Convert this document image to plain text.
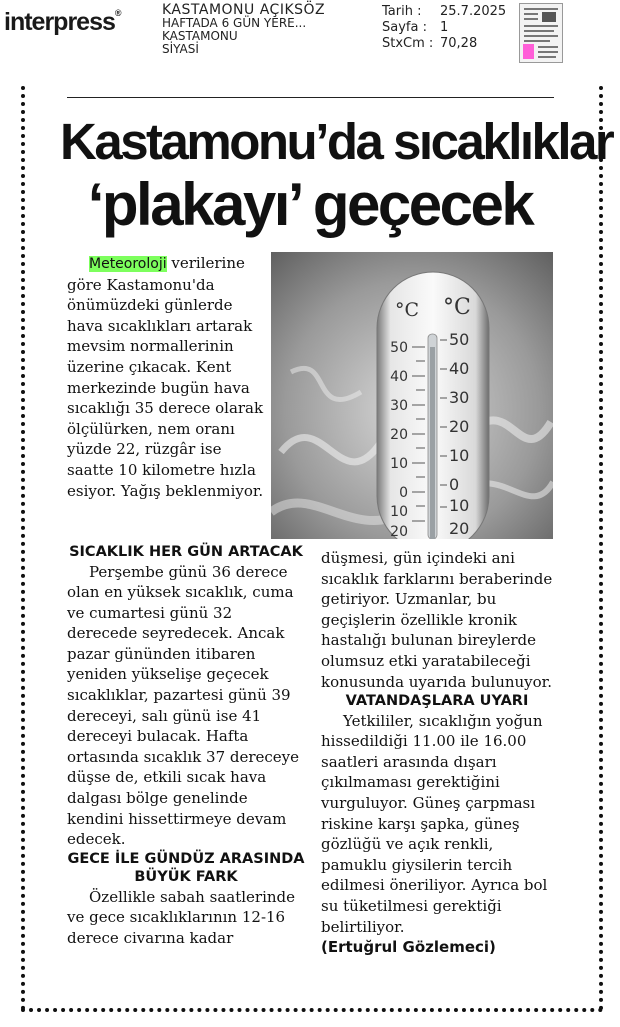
interpress®	KASTAMONU AÇIKSÖZ
HAFTADA 6 GÜN YERE...
KASTAMONU
SİYASİ
Tarih :	25.7.2025
Sayfa :	1
StxCm : 70,28
Kastamonu’da sıcaklıklar
‘plakayı’ geçecek
°C °C
50
40
30
20
10
0
10
20
50
40
30
20
10
0
10
20

Meteoroloji verilerine göre Kastamonu'da önümüzdeki günlerde hava sıcaklıkları artarak mevsim normallerinin üzerine çıkacak. Kent merkezinde bugün hava sıcaklığı 35 derece olarak ölçülürken, nem oranı yüzde 22, rüzgâr ise saatte 10 kilometre hızla esiyor. Yağış beklenmiyor.

SICAKLIK HER GÜN ARTACAK

Perşembe günü 36 derece olan en yüksek sıcaklık, cuma ve cumartesi günü 32 derecede seyredecek. Ancak pazar gününden itibaren yeniden yükselişe geçecek sıcaklıklar, pazartesi günü 39 dereceyi, salı günü ise 41 dereceyi bulacak. Hafta ortasında sıcaklık 37 dereceye düşse de, etkili sıcak hava dalgası bölge genelinde kendini hissettirmeye devam edecek.

GECE İLE GÜNDÜZ ARASINDA BÜYÜK FARK

Özellikle sabah saatlerinde ve gece sıcaklıklarının 12-16 derece civarına kadar

düşmesi, gün içindeki ani sıcaklık farklarını beraberinde getiriyor. Uzmanlar, bu geçişlerin özellikle kronik hastalığı bulunan bireylerde olumsuz etki yaratabileceği konusunda uyarıda bulunuyor.

VATANDAŞLARA UYARI

Yetkililer, sıcaklığın yoğun hissedildiği 11.00 ile 16.00 saatleri arasında dışarı çıkılmaması gerektiğini vurguluyor. Güneş çarpması riskine karşı şapka, güneş gözlüğü ve açık renkli, pamuklu giysilerin tercih edilmesi öneriliyor. Ayrıca bol su tüketilmesi gerektiği belirtiliyor.

(Ertuğrul Gözlemeci)
